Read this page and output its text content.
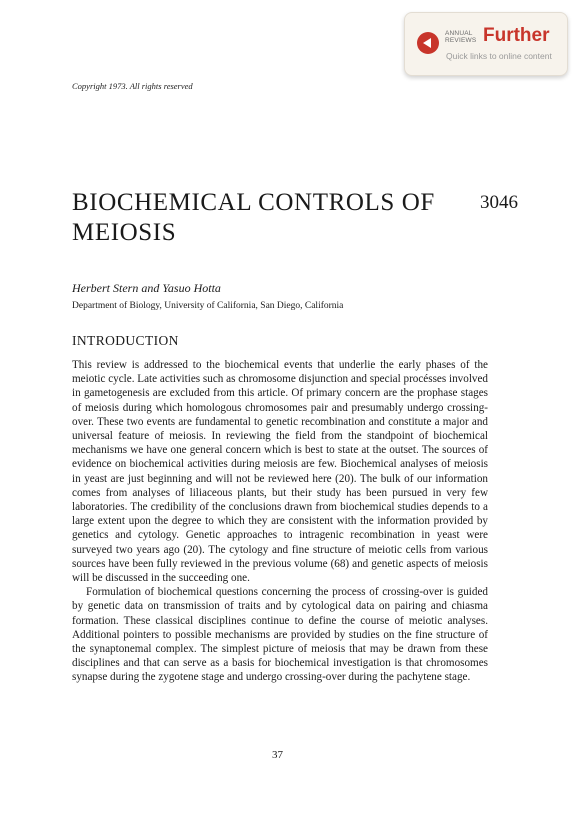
ANNUAL
REVIEWS Further
Quick links to online content
Copyright 1973. All rights reserved
BIOCHEMICAL CONTROLS OF
MEIOSIS
3046
Herbert Stern and Yasuo Hotta
Department of Biology, University of California, San Diego, California
INTRODUCTION

This review is addressed to the biochemical events that underlie the early phases of the meiotic cycle. Late activities such as chromosome disjunction and special procésses involved in gametogenesis are excluded from this article. Of primary concern are the prophase stages of meiosis during which homologous chromosomes pair and presumably undergo crossing-over. These two events are fundamental to genetic recombination and constitute a major and universal feature of meiosis. In reviewing the field from the standpoint of biochemical mechanisms we have one general concern which is best to state at the outset. The sources of evidence on biochemical activities during meiosis are few. Biochemical analyses of meiosis in yeast are just beginning and will not be reviewed here (20). The bulk of our information comes from analyses of liliaceous plants, but their study has been pursued in very few laboratories. The credibility of the conclusions drawn from biochemical studies depends to a large extent upon the degree to which they are consistent with the information provided by genetics and cytology. Genetic approaches to intragenic recombination in yeast were surveyed two years ago (20). The cytology and fine structure of meiotic cells from various sources have been fully reviewed in the previous volume (68) and genetic aspects of meiosis will be discussed in the succeeding one.

Formulation of biochemical questions concerning the process of crossing-over is guided by genetic data on transmission of traits and by cytological data on pairing and chiasma formation. These classical disciplines continue to define the course of meiotic analyses. Additional pointers to possible mechanisms are provided by studies on the fine structure of the synaptonemal complex. The simplest picture of meiosis that may be drawn from these disciplines and that can serve as a basis for biochemical investigation is that chromosomes synapse during the zygotene stage and undergo crossing-over during the pachytene stage.

37
